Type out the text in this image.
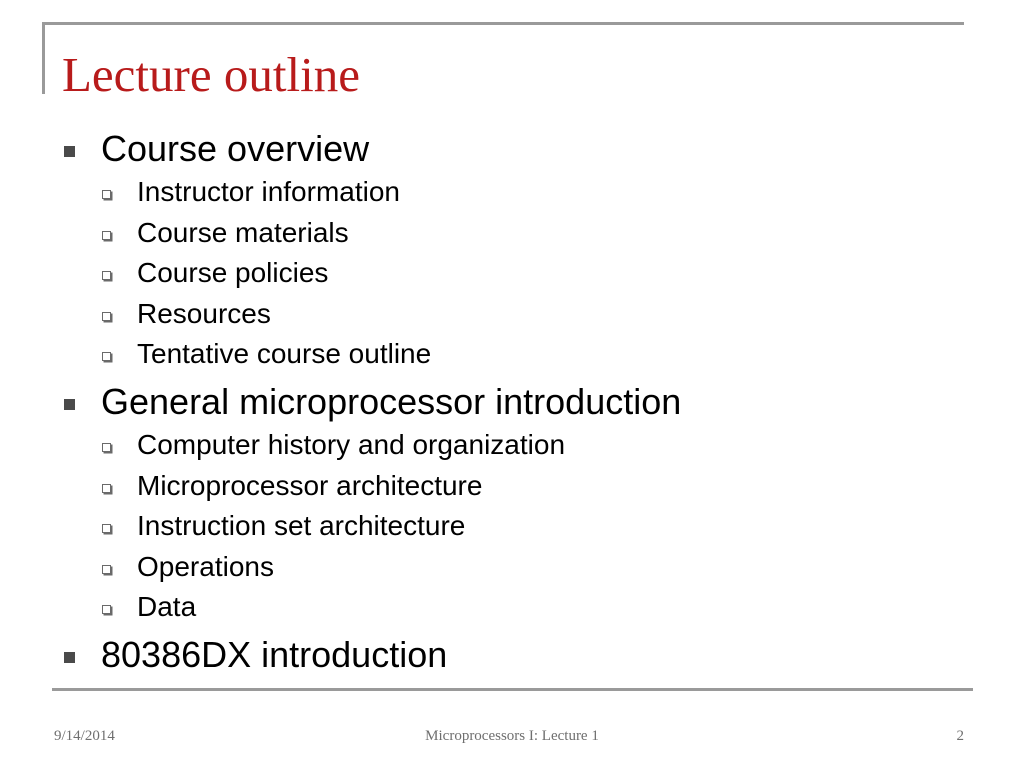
Lecture outline
Course overview
Instructor information
Course materials
Course policies
Resources
Tentative course outline
General microprocessor introduction
Computer history and organization
Microprocessor architecture
Instruction set architecture
Operations
Data
80386DX introduction
9/14/2014	Microprocessors I: Lecture 1	2
